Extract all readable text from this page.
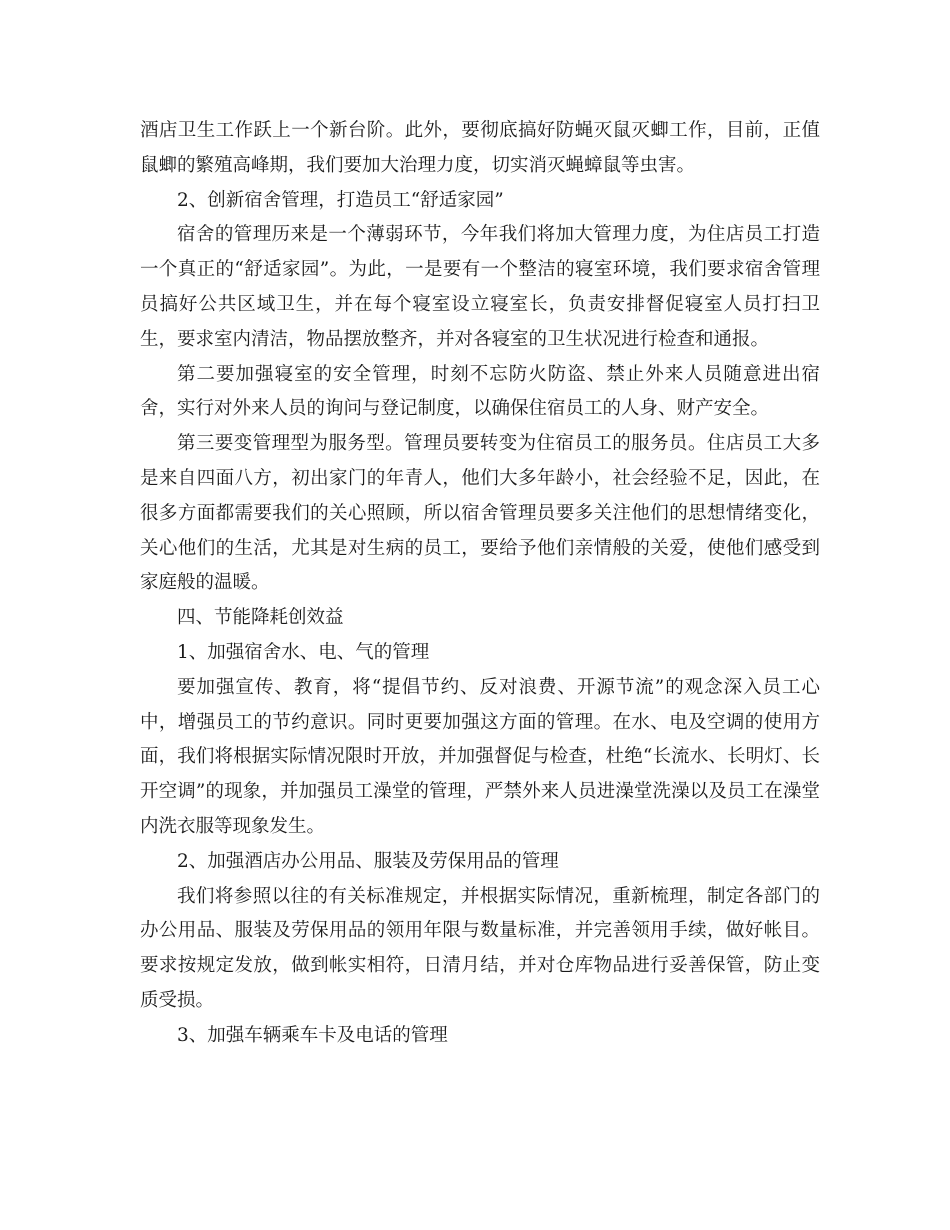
酒店卫生工作跃上一个新台阶。此外，要彻底搞好防蝇灭鼠灭蝍工作，目前，正值鼠蝍的繁殖高峰期，我们要加大治理力度，切实消灭蝇蟑鼠等虫害。

2、创新宿舍管理，打造员工“舒适家园”

宿舍的管理历来是一个薄弱环节，今年我们将加大管理力度，为住店员工打造一个真正的“舒适家园”。为此，一是要有一个整洁的寝室环境，我们要求宿舍管理员搞好公共区域卫生，并在每个寝室设立寝室长，负责安排督促寝室人员打扫卫生，要求室内清洁，物品摆放整齐，并对各寝室的卫生状况进行检查和通报。

第二要加强寝室的安全管理，时刻不忘防火防盗、禁止外来人员随意进出宿舍，实行对外来人员的询问与登记制度，以确保住宿员工的人身、财产安全。

第三要变管理型为服务型。管理员要转变为住宿员工的服务员。住店员工大多是来自四面八方，初出家门的年青人，他们大多年龄小，社会经验不足，因此，在很多方面都需要我们的关心照顾，所以宿舍管理员要多关注他们的思想情绪变化，关心他们的生活，尤其是对生病的员工，要给予他们亲情般的关爱，使他们感受到家庭般的温暖。

四、节能降耗创效益

1、加强宿舍水、电、气的管理

要加强宣传、教育，将“提倡节约、反对浪费、开源节流”的观念深入员工心中，增强员工的节约意识。同时更要加强这方面的管理。在水、电及空调的使用方面，我们将根据实际情况限时开放，并加强督促与检查，杜绝“长流水、长明灯、长开空调”的现象，并加强员工澡堂的管理，严禁外来人员进澡堂洗澡以及员工在澡堂内洗衣服等现象发生。

2、加强酒店办公用品、服装及劳保用品的管理

我们将参照以往的有关标准规定，并根据实际情况，重新梳理，制定各部门的办公用品、服装及劳保用品的领用年限与数量标准，并完善领用手续，做好帐目。要求按规定发放，做到帐实相符，日清月结，并对仓库物品进行妥善保管，防止变质受损。

3、加强车辆乘车卡及电话的管理
